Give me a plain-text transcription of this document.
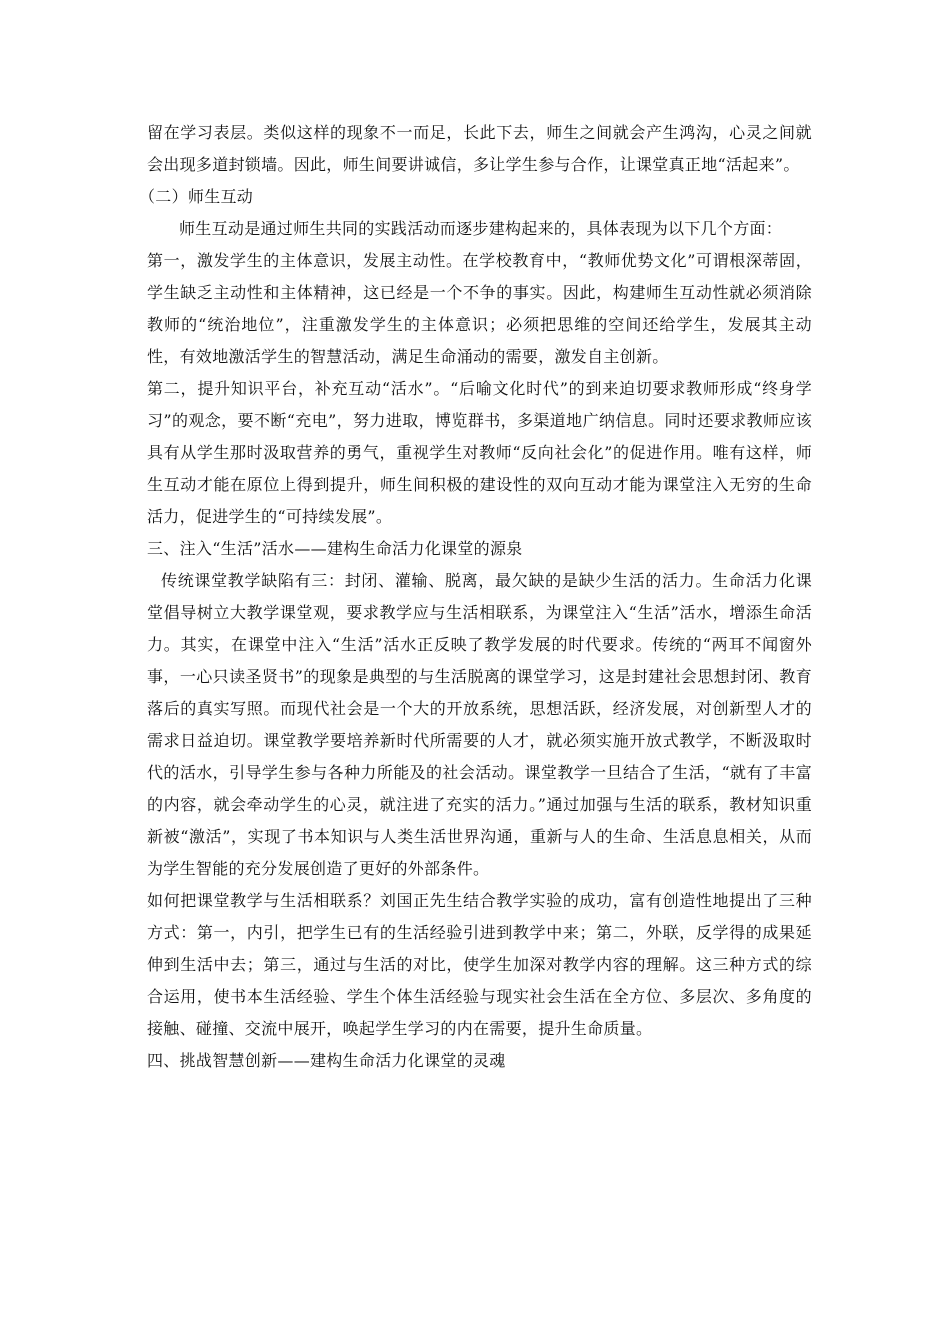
留在学习表层。类似这样的现象不一而足，长此下去，师生之间就会产生鸿沟，心灵之间就会出现多道封锁墙。因此，师生间要讲诚信，多让学生参与合作，让课堂真正地“活起来”。

（二）师生互动

师生互动是通过师生共同的实践活动而逐步建构起来的，具体表现为以下几个方面：

第一，激发学生的主体意识，发展主动性。在学校教育中，“教师优势文化”可谓根深蒂固，学生缺乏主动性和主体精神，这已经是一个不争的事实。因此，构建师生互动性就必须消除教师的“统治地位”，注重激发学生的主体意识；必须把思维的空间还给学生，发展其主动性，有效地激活学生的智慧活动，满足生命涌动的需要，激发自主创新。

第二，提升知识平台，补充互动“活水”。“后喻文化时代”的到来迫切要求教师形成“终身学习”的观念，要不断“充电”，努力进取，博览群书，多渠道地广纳信息。同时还要求教师应该具有从学生那时汲取营养的勇气，重视学生对教师“反向社会化”的促进作用。唯有这样，师生互动才能在原位上得到提升，师生间积极的建设性的双向互动才能为课堂注入无穷的生命活力，促进学生的“可持续发展”。

三、注入“生活”活水——建构生命活力化课堂的源泉

传统课堂教学缺陷有三：封闭、灌输、脱离，最欠缺的是缺少生活的活力。生命活力化课堂倡导树立大教学课堂观，要求教学应与生活相联系，为课堂注入“生活”活水，增添生命活力。其实，在课堂中注入“生活”活水正反映了教学发展的时代要求。传统的“两耳不闻窗外事，一心只读圣贤书”的现象是典型的与生活脱离的课堂学习，这是封建社会思想封闭、教育落后的真实写照。而现代社会是一个大的开放系统，思想活跃，经济发展，对创新型人才的需求日益迫切。课堂教学要培养新时代所需要的人才，就必须实施开放式教学，不断汲取时代的活水，引导学生参与各种力所能及的社会活动。课堂教学一旦结合了生活，“就有了丰富的内容，就会牵动学生的心灵，就注进了充实的活力。”通过加强与生活的联系，教材知识重新被“激活”，实现了书本知识与人类生活世界沟通，重新与人的生命、生活息息相关，从而为学生智能的充分发展创造了更好的外部条件。

如何把课堂教学与生活相联系？刘国正先生结合教学实验的成功，富有创造性地提出了三种方式：第一，内引，把学生已有的生活经验引进到教学中来；第二，外联，反学得的成果延伸到生活中去；第三，通过与生活的对比，使学生加深对教学内容的理解。这三种方式的综合运用，使书本生活经验、学生个体生活经验与现实社会生活在全方位、多层次、多角度的接触、碰撞、交流中展开，唤起学生学习的内在需要，提升生命质量。

四、挑战智慧创新——建构生命活力化课堂的灵魂
